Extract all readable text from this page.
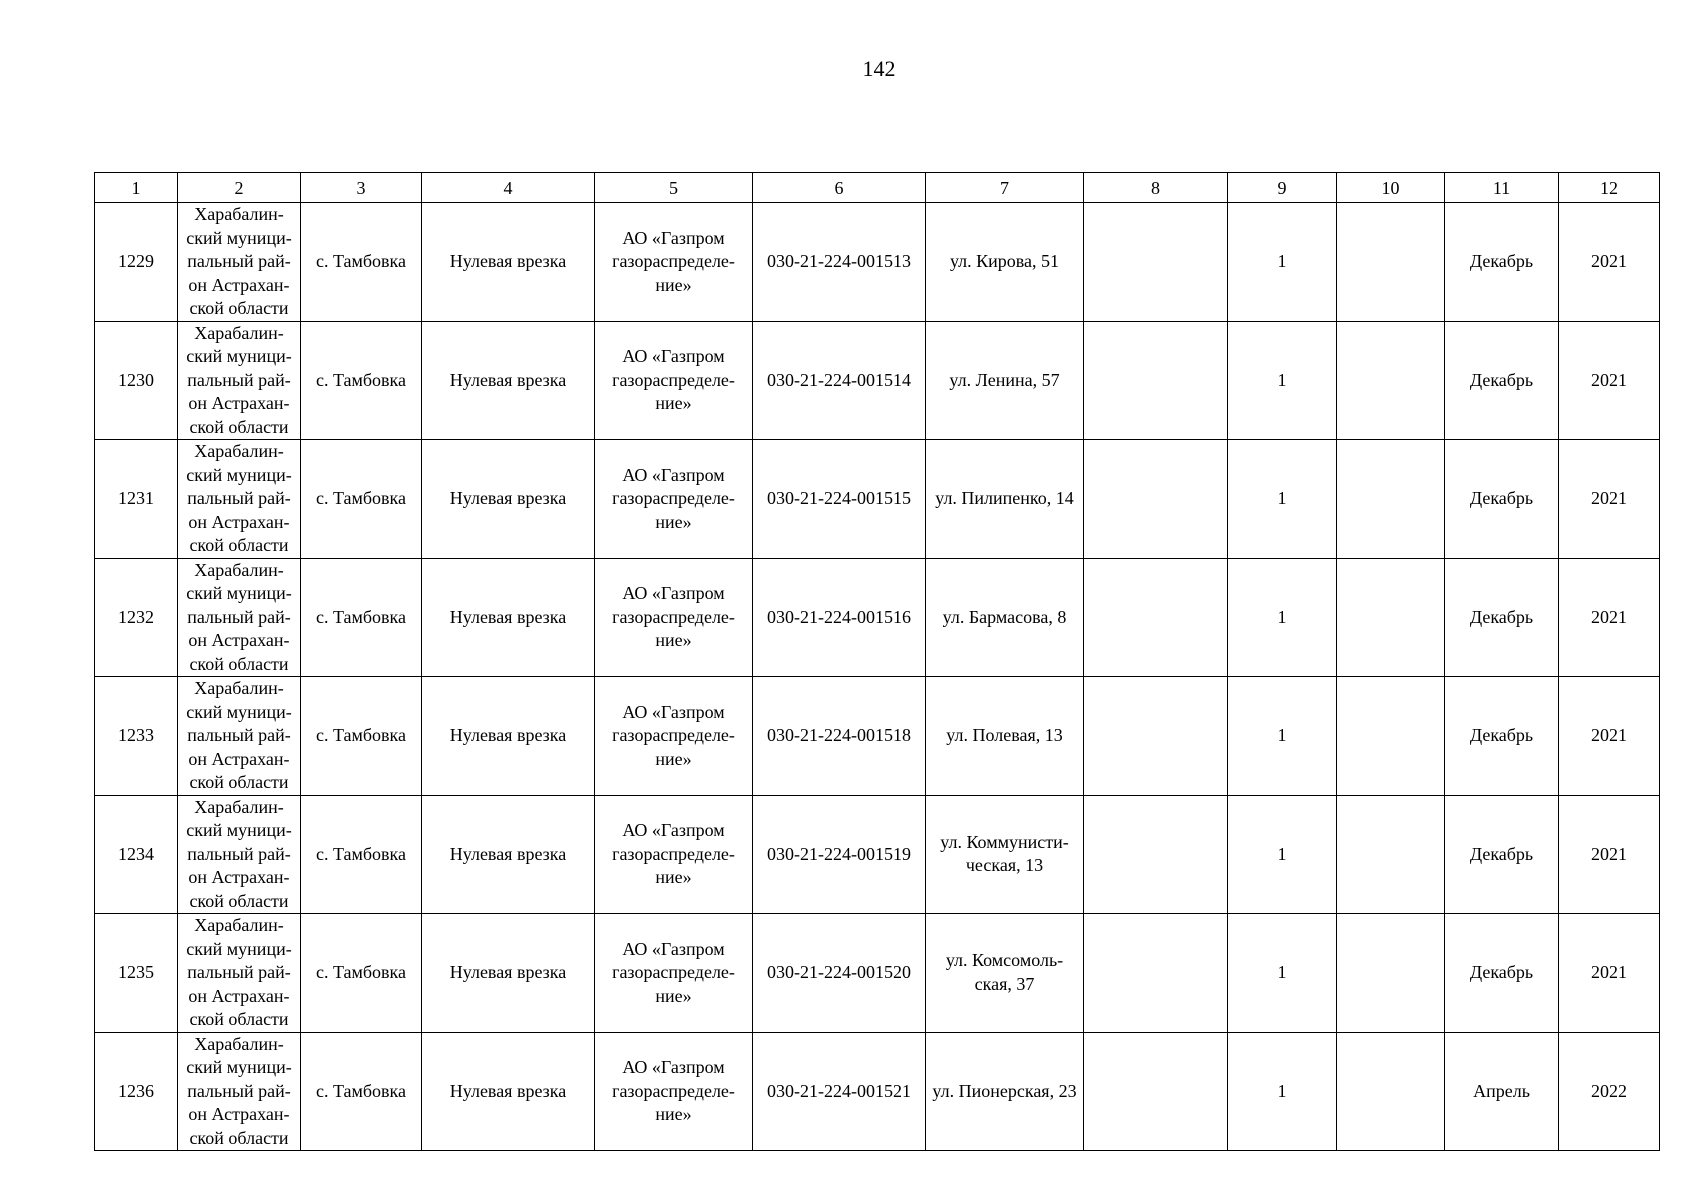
142
1	2	3	4	5	6	7	8	9	10	11	12
1229	Харабалин-ский муници-пальный рай-он Астрахан-ской области	с. Тамбовка	Нулевая врезка	АО «Газпром газораспределе-ние»	030-21-224-001513	ул. Кирова, 51		1		Декабрь	2021
1230	Харабалин-ский муници-пальный рай-он Астрахан-ской области	с. Тамбовка	Нулевая врезка	АО «Газпром газораспределе-ние»	030-21-224-001514	ул. Ленина, 57		1		Декабрь	2021
1231	Харабалин-ский муници-пальный рай-он Астрахан-ской области	с. Тамбовка	Нулевая врезка	АО «Газпром газораспределе-ние»	030-21-224-001515	ул. Пилипенко, 14		1		Декабрь	2021
1232	Харабалин-ский муници-пальный рай-он Астрахан-ской области	с. Тамбовка	Нулевая врезка	АО «Газпром газораспределе-ние»	030-21-224-001516	ул. Бармасова, 8		1		Декабрь	2021
1233	Харабалин-ский муници-пальный рай-он Астрахан-ской области	с. Тамбовка	Нулевая врезка	АО «Газпром газораспределе-ние»	030-21-224-001518	ул. Полевая, 13		1		Декабрь	2021
1234	Харабалин-ский муници-пальный рай-он Астрахан-ской области	с. Тамбовка	Нулевая врезка	АО «Газпром газораспределе-ние»	030-21-224-001519	ул. Коммунисти-ческая, 13		1		Декабрь	2021
1235	Харабалин-ский муници-пальный рай-он Астрахан-ской области	с. Тамбовка	Нулевая врезка	АО «Газпром газораспределе-ние»	030-21-224-001520	ул. Комсомоль-ская, 37		1		Декабрь	2021
1236	Харабалин-ский муници-пальный рай-он Астрахан-ской области	с. Тамбовка	Нулевая врезка	АО «Газпром газораспределе-ние»	030-21-224-001521	ул. Пионерская, 23		1		Апрель	2022
